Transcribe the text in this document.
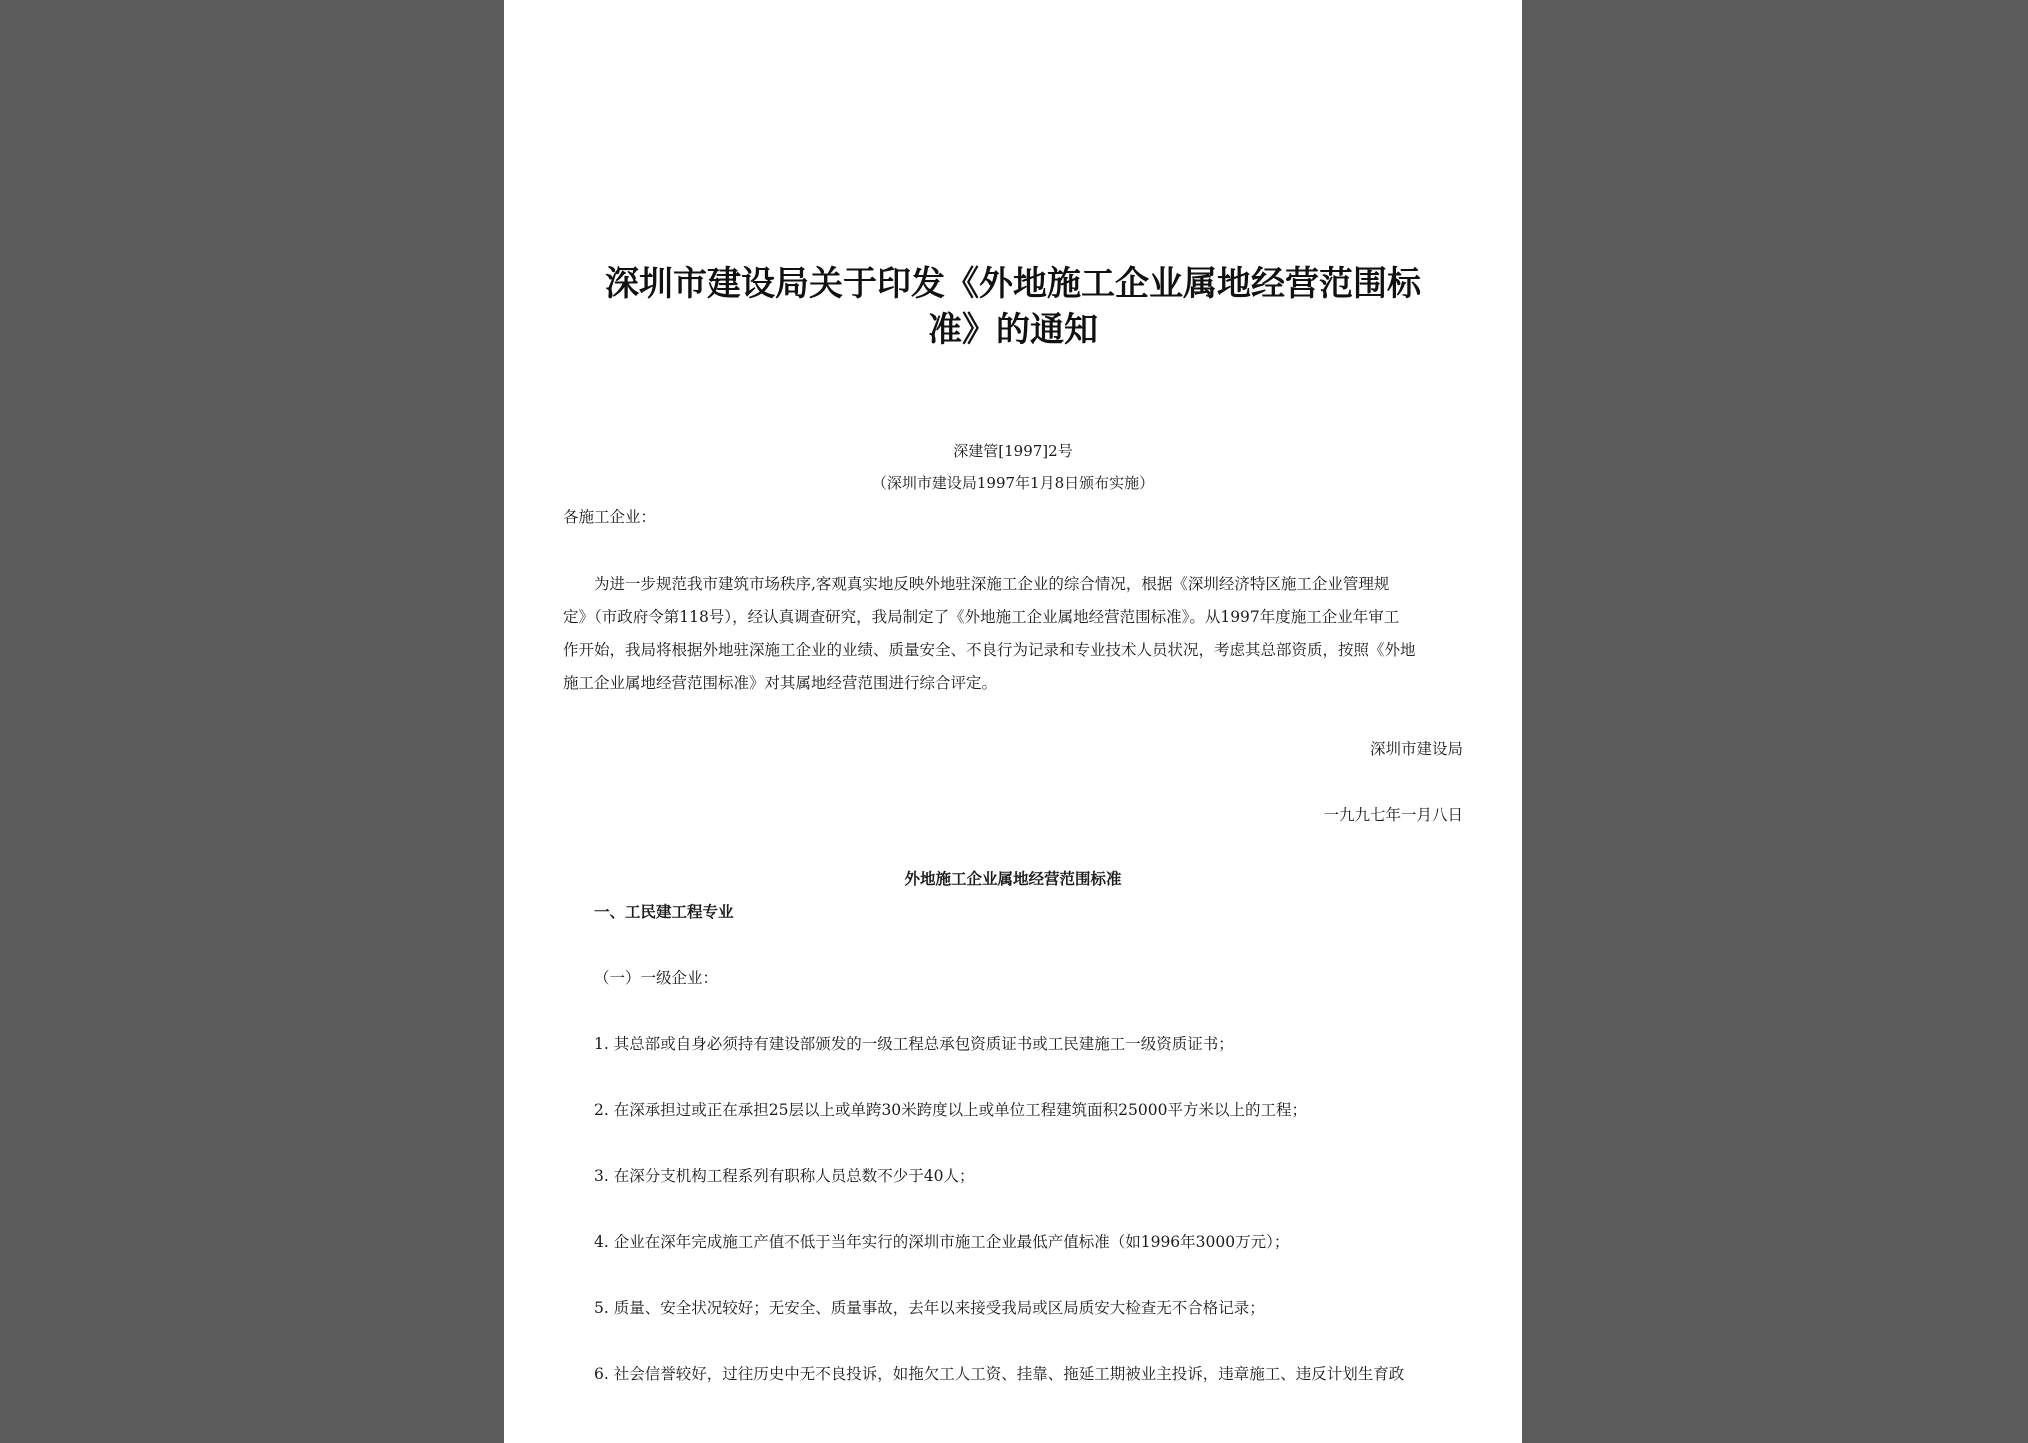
深圳市建设局关于印发《外地施工企业属地经营范围标
准》的通知
深建管[1997]2号
（深圳市建设局1997年1月8日颁布实施）
各施工企业：
为进一步规范我市建筑市场秩序,客观真实地反映外地驻深施工企业的综合情况，根据《深圳经济特区施工企业管理规
定》（市政府令第118号），经认真调查研究，我局制定了《外地施工企业属地经营范围标准》。从1997年度施工企业年审工
作开始，我局将根据外地驻深施工企业的业绩、质量安全、不良行为记录和专业技术人员状况，考虑其总部资质，按照《外地
施工企业属地经营范围标准》对其属地经营范围进行综合评定。
深圳市建设局
一九九七年一月八日
外地施工企业属地经营范围标准
一、工民建工程专业
（一）一级企业：
1. 其总部或自身必须持有建设部颁发的一级工程总承包资质证书或工民建施工一级资质证书；
2. 在深承担过或正在承担25层以上或单跨30米跨度以上或单位工程建筑面积25000平方米以上的工程；
3. 在深分支机构工程系列有职称人员总数不少于40人；
4. 企业在深年完成施工产值不低于当年实行的深圳市施工企业最低产值标准（如1996年3000万元）；
5. 质量、安全状况较好；无安全、质量事故，去年以来接受我局或区局质安大检查无不合格记录；
6. 社会信誉较好，过往历史中无不良投诉，如拖欠工人工资、挂靠、拖延工期被业主投诉，违章施工、违反计划生育政
